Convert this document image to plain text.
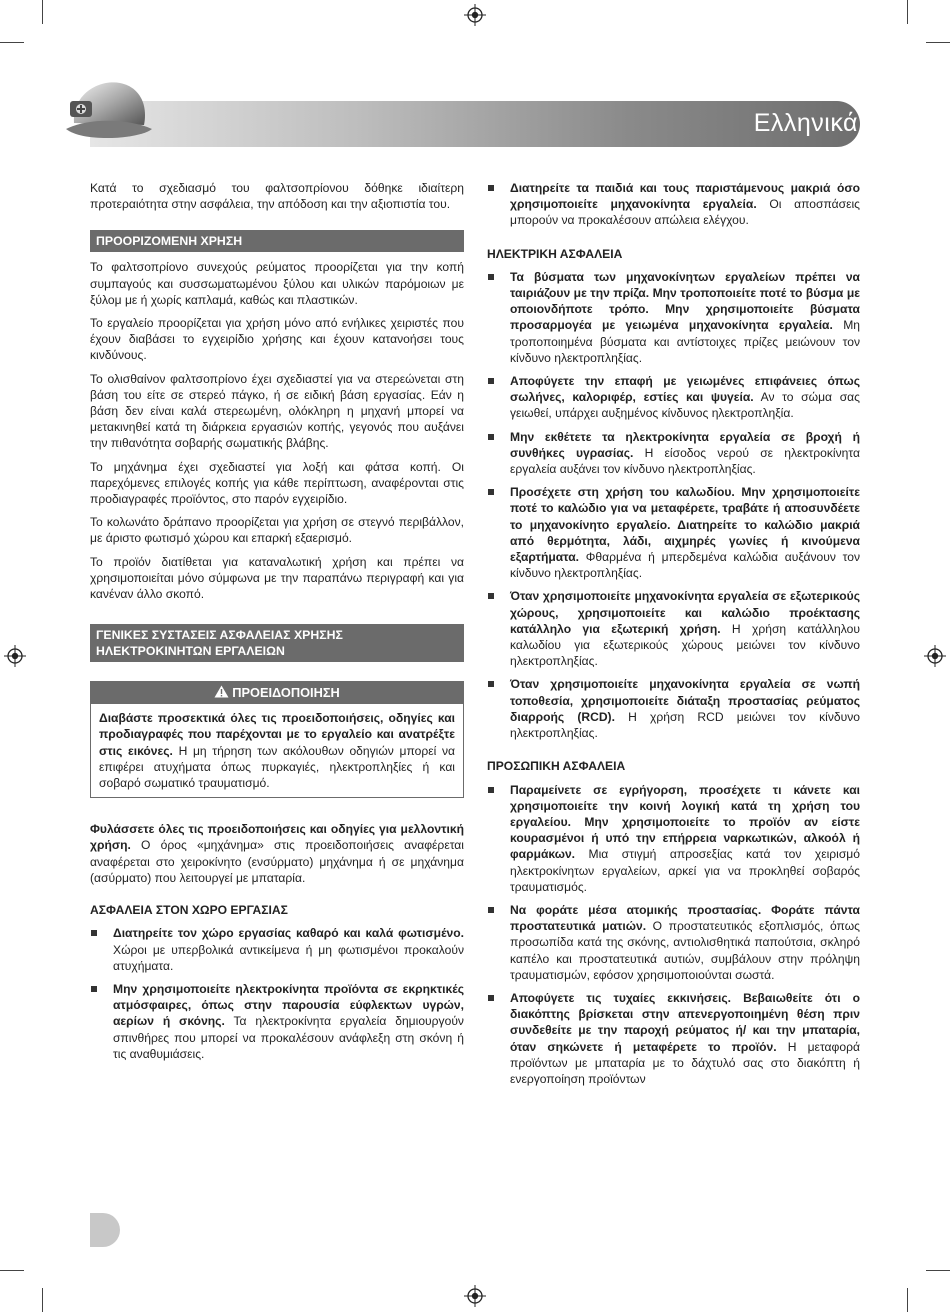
Ελληνικά

Κατά το σχεδιασμό του φαλτσοπρίονου δόθηκε ιδιαίτερη προτεραιότητα στην ασφάλεια, την απόδοση και την αξιοπιστία του.

ΠΡΟΟΡΙΖΟΜΕΝΗ ΧΡΗΣΗ

Το φαλτσοπρίονο συνεχούς ρεύματος προορίζεται για την κοπή συμπαγούς και συσσωματωμένου ξύλου και υλικών παρόμοιων με ξύλομ με ή χωρίς καπλαμά, καθώς και πλαστικών.

Το εργαλείο προορίζεται για χρήση μόνο από ενήλικες χειριστές που έχουν διαβάσει το εγχειρίδιο χρήσης και έχουν κατανοήσει τους κινδύνους.

Το ολισθαίνον φαλτσοπρίονο έχει σχεδιαστεί για να στερεώνεται στη βάση του είτε σε στερεό πάγκο, ή σε ειδική βάση εργασίας. Εάν η βάση δεν είναι καλά στερεωμένη, ολόκληρη η μηχανή μπορεί να μετακινηθεί κατά τη διάρκεια εργασιών κοπής, γεγονός που αυξάνει την πιθανότητα σοβαρής σωματικής βλάβης.

Το μηχάνημα έχει σχεδιαστεί για λοξή και φάτσα κοπή. Οι παρεχόμενες επιλογές κοπής για κάθε περίπτωση, αναφέρονται στις προδιαγραφές προϊόντος, στο παρόν εγχειρίδιο.

Το κολωνάτο δράπανο προορίζεται για χρήση σε στεγνό περιβάλλον, με άριστο φωτισμό χώρου και επαρκή εξαερισμό.

Το προϊόν διατίθεται για καταναλωτική χρήση και πρέπει να χρησιμοποιείται μόνο σύμφωνα με την παραπάνω περιγραφή και για κανέναν άλλο σκοπό.

ΓΕΝΙΚΕΣ ΣΥΣΤΑΣΕΙΣ ΑΣΦΑΛΕΙΑΣ ΧΡΗΣΗΣ
ΗΛΕΚΤΡΟΚΙΝΗΤΩΝ ΕΡΓΑΛΕΙΩΝ
ΠΡΟΕΙΔΟΠΟΙΗΣΗ

Διαβάστε προσεκτικά όλες τις προειδοποιήσεις, οδηγίες και προδιαγραφές που παρέχονται με το εργαλείο και ανατρέξτε στις εικόνες. Η μη τήρηση των ακόλουθων οδηγιών μπορεί να επιφέρει ατυχήματα όπως πυρκαγιές, ηλεκτροπληξίες ή και σοβαρό σωματικό τραυματισμό.

Φυλάσσετε όλες τις προειδοποιήσεις και οδηγίες για μελλοντική χρήση. Ο όρος «μηχάνημα» στις προειδοποιήσεις αναφέρεται αναφέρεται στο χειροκίνητο (ενσύρματο) μηχάνημα ή σε μηχάνημα (ασύρματο) που λειτουργεί με μπαταρία.

ΑΣΦΑΛΕΙΑ ΣΤΟΝ ΧΩΡΟ ΕΡΓΑΣΙΑΣ
Διατηρείτε τον χώρο εργασίας καθαρό και καλά φωτισμένο. Χώροι με υπερβολικά αντικείμενα ή μη φωτισμένοι προκαλούν ατυχήματα.
Μην χρησιμοποιείτε ηλεκτροκίνητα προϊόντα σε εκρηκτικές ατμόσφαιρες, όπως στην παρουσία εύφλεκτων υγρών, αερίων ή σκόνης. Τα ηλεκτροκίνητα εργαλεία δημιουργούν σπινθήρες που μπορεί να προκαλέσουν ανάφλεξη στη σκόνη ή τις αναθυμιάσεις.
Διατηρείτε τα παιδιά και τους παριστάμενους μακριά όσο χρησιμοποιείτε μηχανοκίνητα εργαλεία. Οι αποσπάσεις μπορούν να προκαλέσουν απώλεια ελέγχου.
ΗΛΕΚΤΡΙΚΗ ΑΣΦΑΛΕΙΑ
Τα βύσματα των μηχανοκίνητων εργαλείων πρέπει να ταιριάζουν με την πρίζα. Μην τροποποιείτε ποτέ το βύσμα με οποιονδήποτε τρόπο. Μην χρησιμοποιείτε βύσματα προσαρμογέα με γειωμένα μηχανοκίνητα εργαλεία. Μη τροποποιημένα βύσματα και αντίστοιχες πρίζες μειώνουν τον κίνδυνο ηλεκτροπληξίας.
Αποφύγετε την επαφή με γειωμένες επιφάνειες όπως σωλήνες, καλοριφέρ, εστίες και ψυγεία. Αν το σώμα σας γειωθεί, υπάρχει αυξημένος κίνδυνος ηλεκτροπληξία.
Μην εκθέτετε τα ηλεκτροκίνητα εργαλεία σε βροχή ή συνθήκες υγρασίας. Η είσοδος νερού σε ηλεκτροκίνητα εργαλεία αυξάνει τον κίνδυνο ηλεκτροπληξίας.
Προσέχετε στη χρήση του καλωδίου. Μην χρησιμοποιείτε ποτέ το καλώδιο για να μεταφέρετε, τραβάτε ή αποσυνδέετε το μηχανοκίνητο εργαλείο. Διατηρείτε το καλώδιο μακριά από θερμότητα, λάδι, αιχμηρές γωνίες ή κινούμενα εξαρτήματα. Φθαρμένα ή μπερδεμένα καλώδια αυξάνουν τον κίνδυνο ηλεκτροπληξίας.
Όταν χρησιμοποιείτε μηχανοκίνητα εργαλεία σε εξωτερικούς χώρους, χρησιμοποιείτε και καλώδιο προέκτασης κατάλληλο για εξωτερική χρήση. Η χρήση κατάλληλου καλωδίου για εξωτερικούς χώρους μειώνει τον κίνδυνο ηλεκτροπληξίας.
Όταν χρησιμοποιείτε μηχανοκίνητα εργαλεία σε νωπή τοποθεσία, χρησιμοποιείτε διάταξη προστασίας ρεύματος διαρροής (RCD). Η χρήση RCD μειώνει τον κίνδυνο ηλεκτροπληξίας.
ΠΡΟΣΩΠΙΚΗ ΑΣΦΑΛΕΙΑ
Παραμείνετε σε εγρήγορση, προσέχετε τι κάνετε και χρησιμοποιείτε την κοινή λογική κατά τη χρήση του εργαλείου. Μην χρησιμοποιείτε το προϊόν αν είστε κουρασμένοι ή υπό την επήρρεια ναρκωτικών, αλκοόλ ή φαρμάκων. Μια στιγμή απροσεξίας κατά τον χειρισμό ηλεκτροκίνητων εργαλείων, αρκεί για να προκληθεί σοβαρός τραυματισμός.
Να φοράτε μέσα ατομικής προστασίας. Φοράτε πάντα προστατευτικά ματιών. Ο προστατευτικός εξοπλισμός, όπως προσωπίδα κατά της σκόνης, αντιολισθητικά παπούτσια, σκληρό καπέλο και προστατευτικά αυτιών, συμβάλουν στην πρόληψη τραυματισμών, εφόσον χρησιμοποιούνται σωστά.
Αποφύγετε τις τυχαίες εκκινήσεις. Βεβαιωθείτε ότι ο διακόπτης βρίσκεται στην απενεργοποιημένη θέση πριν συνδεθείτε με την παροχή ρεύματος ή/ και την μπαταρία, όταν σηκώνετε ή μεταφέρετε το προϊόν. Η μεταφορά προϊόντων με μπαταρία με το δάχτυλό σας στο διακόπτη ή ενεργοποίηση προϊόντων
